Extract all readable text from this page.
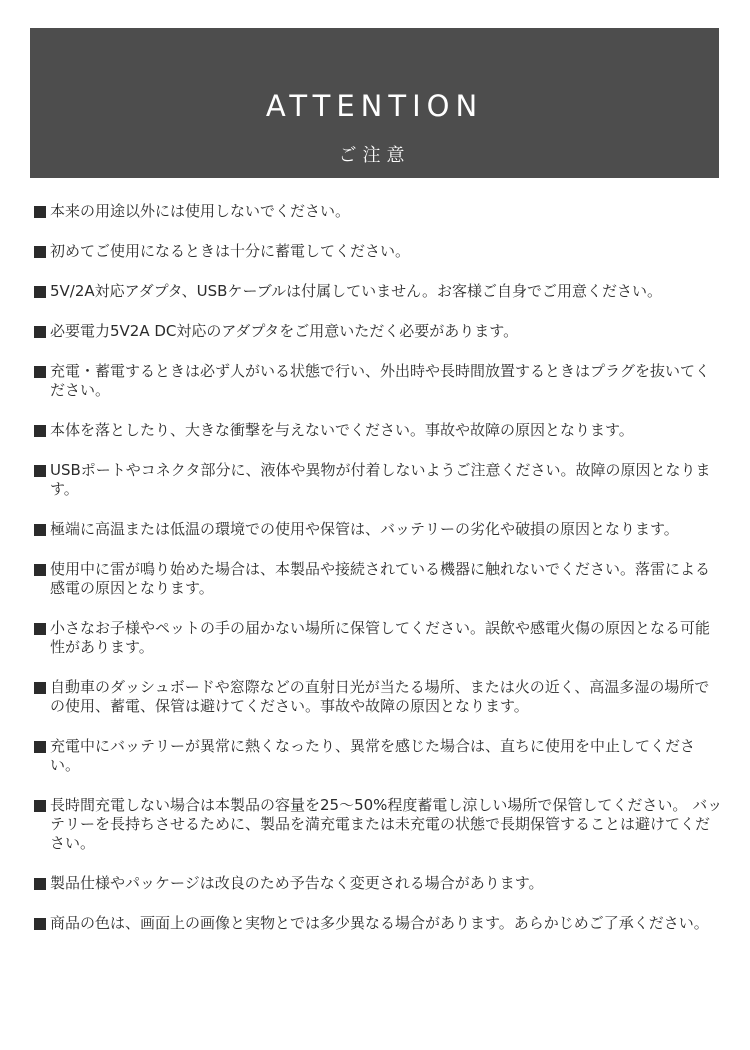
ATTENTION
ご注意
本来の用途以外には使用しないでください。
初めてご使用になるときは十分に蓄電してください。
5V/2A対応アダプタ、USBケーブルは付属していません。お客様ご自身でご用意ください。
必要電力5V2A DC対応のアダプタをご用意いただく必要があります。
充電・蓄電するときは必ず人がいる状態で行い、外出時や長時間放置するときはプラグを抜いてください。
本体を落としたり、大きな衝撃を与えないでください。事故や故障の原因となります。
USBポートやコネクタ部分に、液体や異物が付着しないようご注意ください。故障の原因となります。
極端に高温または低温の環境での使用や保管は、バッテリーの劣化や破損の原因となります。
使用中に雷が鳴り始めた場合は、本製品や接続されている機器に触れないでください。落雷による感電の原因となります。
小さなお子様やペットの手の届かない場所に保管してください。誤飲や感電火傷の原因となる可能性があります。
自動車のダッシュボードや窓際などの直射日光が当たる場所、または火の近く、高温多湿の場所での使用、蓄電、保管は避けてください。事故や故障の原因となります。
充電中にバッテリーが異常に熱くなったり、異常を感じた場合は、直ちに使用を中止してください。
長時間充電しない場合は本製品の容量を25〜50%程度蓄電し涼しい場所で保管してください。 バッテリーを長持ちさせるために、製品を満充電または未充電の状態で長期保管することは避けてください。
製品仕様やパッケージは改良のため予告なく変更される場合があります。
商品の色は、画面上の画像と実物とでは多少異なる場合があります。あらかじめご了承ください。
